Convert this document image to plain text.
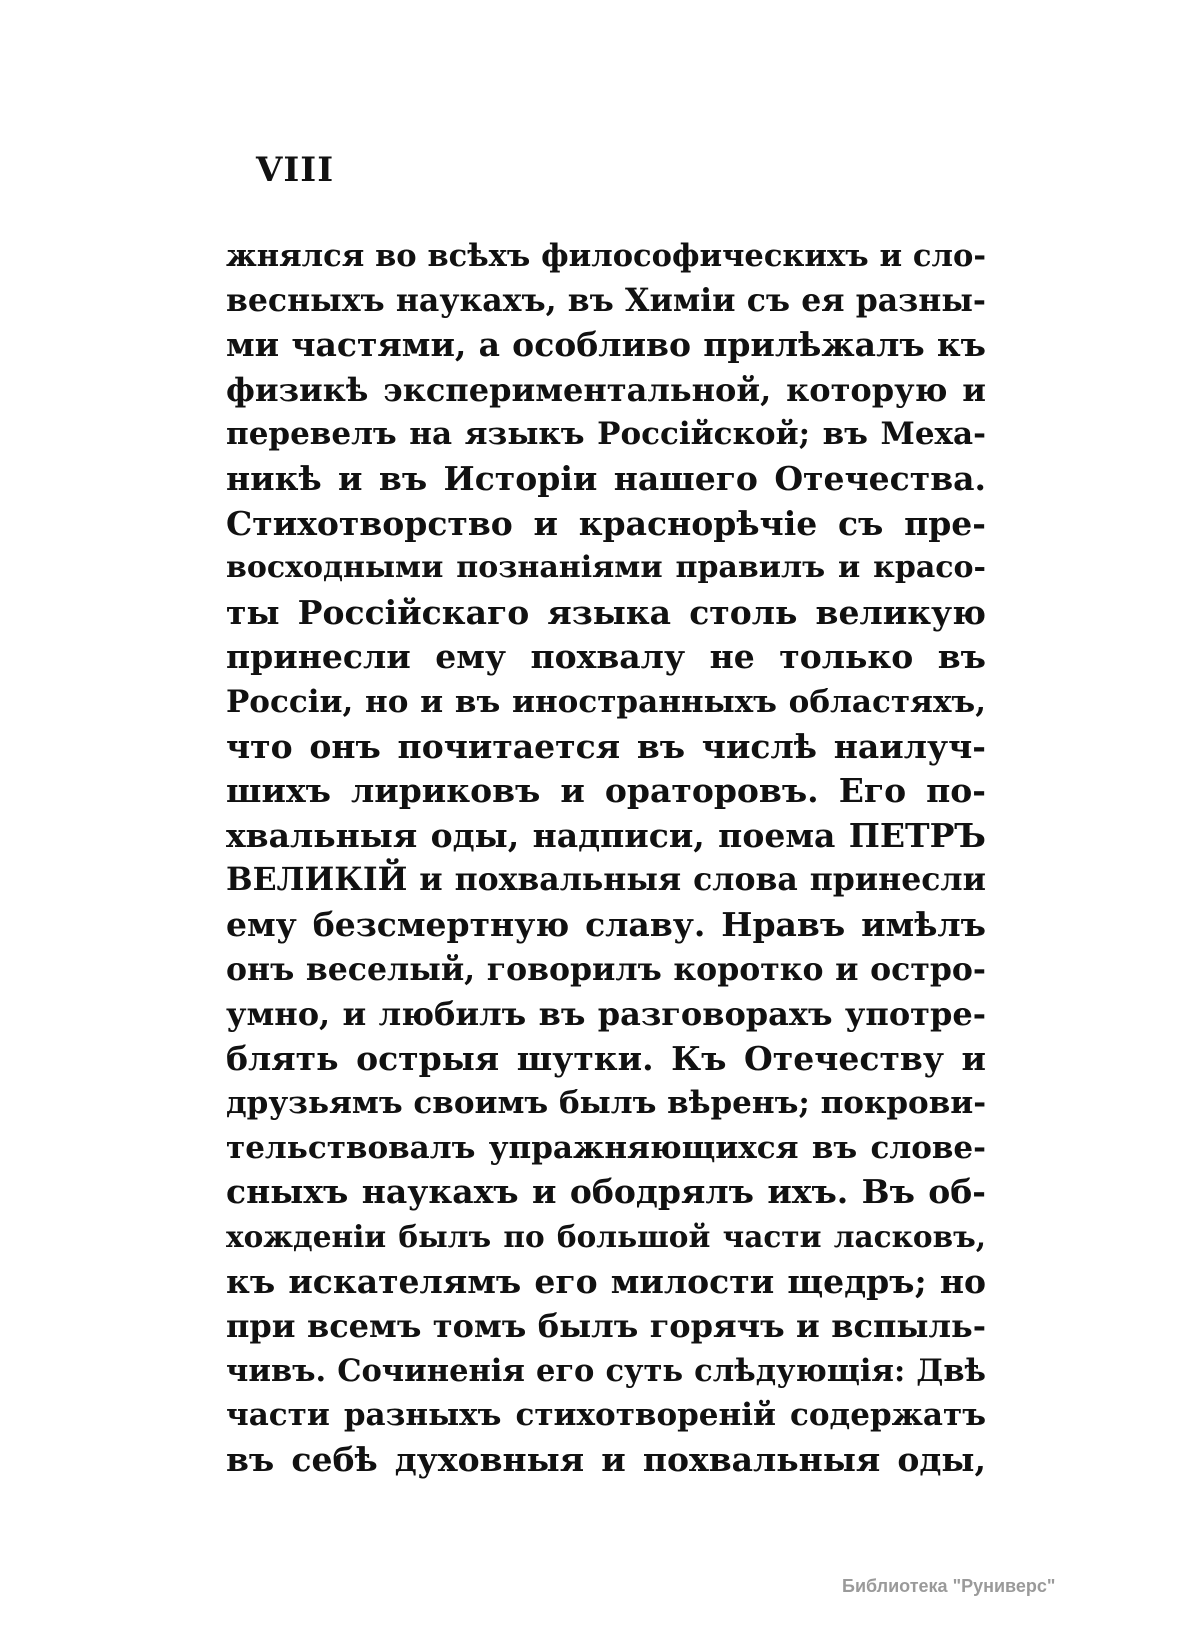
VIII
жнялся во всѣхъ философическихъ и сло-
весныхъ наукахъ, въ Химіи съ ея разны-
ми частями, а особливо прилѣжалъ къ
физикѣ экспериментальной, которую и
перевелъ на языкъ Россійской; въ Меха-
никѣ и въ Исторіи нашего Отечества.
Стихотворство и краснорѣчіе съ пре-
восходными познаніями правилъ и красо-
ты Россійскаго языка столь великую
принесли ему похвалу не только въ
Россіи, но и въ иностранныхъ областяхъ,
что онъ почитается въ числѣ наилуч-
шихъ лириковъ и ораторовъ. Его по-
хвальныя оды, надписи, поема ПЕТРЪ
ВЕЛИКІЙ и похвальныя слова принесли
ему безсмертную славу. Нравъ имѣлъ
онъ веселый, говорилъ коротко и остро-
умно, и любилъ въ разговорахъ употре-
блять острыя шутки. Къ Отечеству и
друзьямъ своимъ былъ вѣренъ; покрови-
тельствовалъ упражняющихся въ слове-
сныхъ наукахъ и ободрялъ ихъ. Въ об-
хожденіи былъ по большой части ласковъ,
къ искателямъ его милости щедръ; но
при всемъ томъ былъ горячъ и вспыль-
чивъ. Сочиненія его суть слѣдующія: Двѣ
части разныхъ стихотвореній содержатъ
въ себѣ духовныя и похвальныя оды,
Библиотека "Руниверс"
